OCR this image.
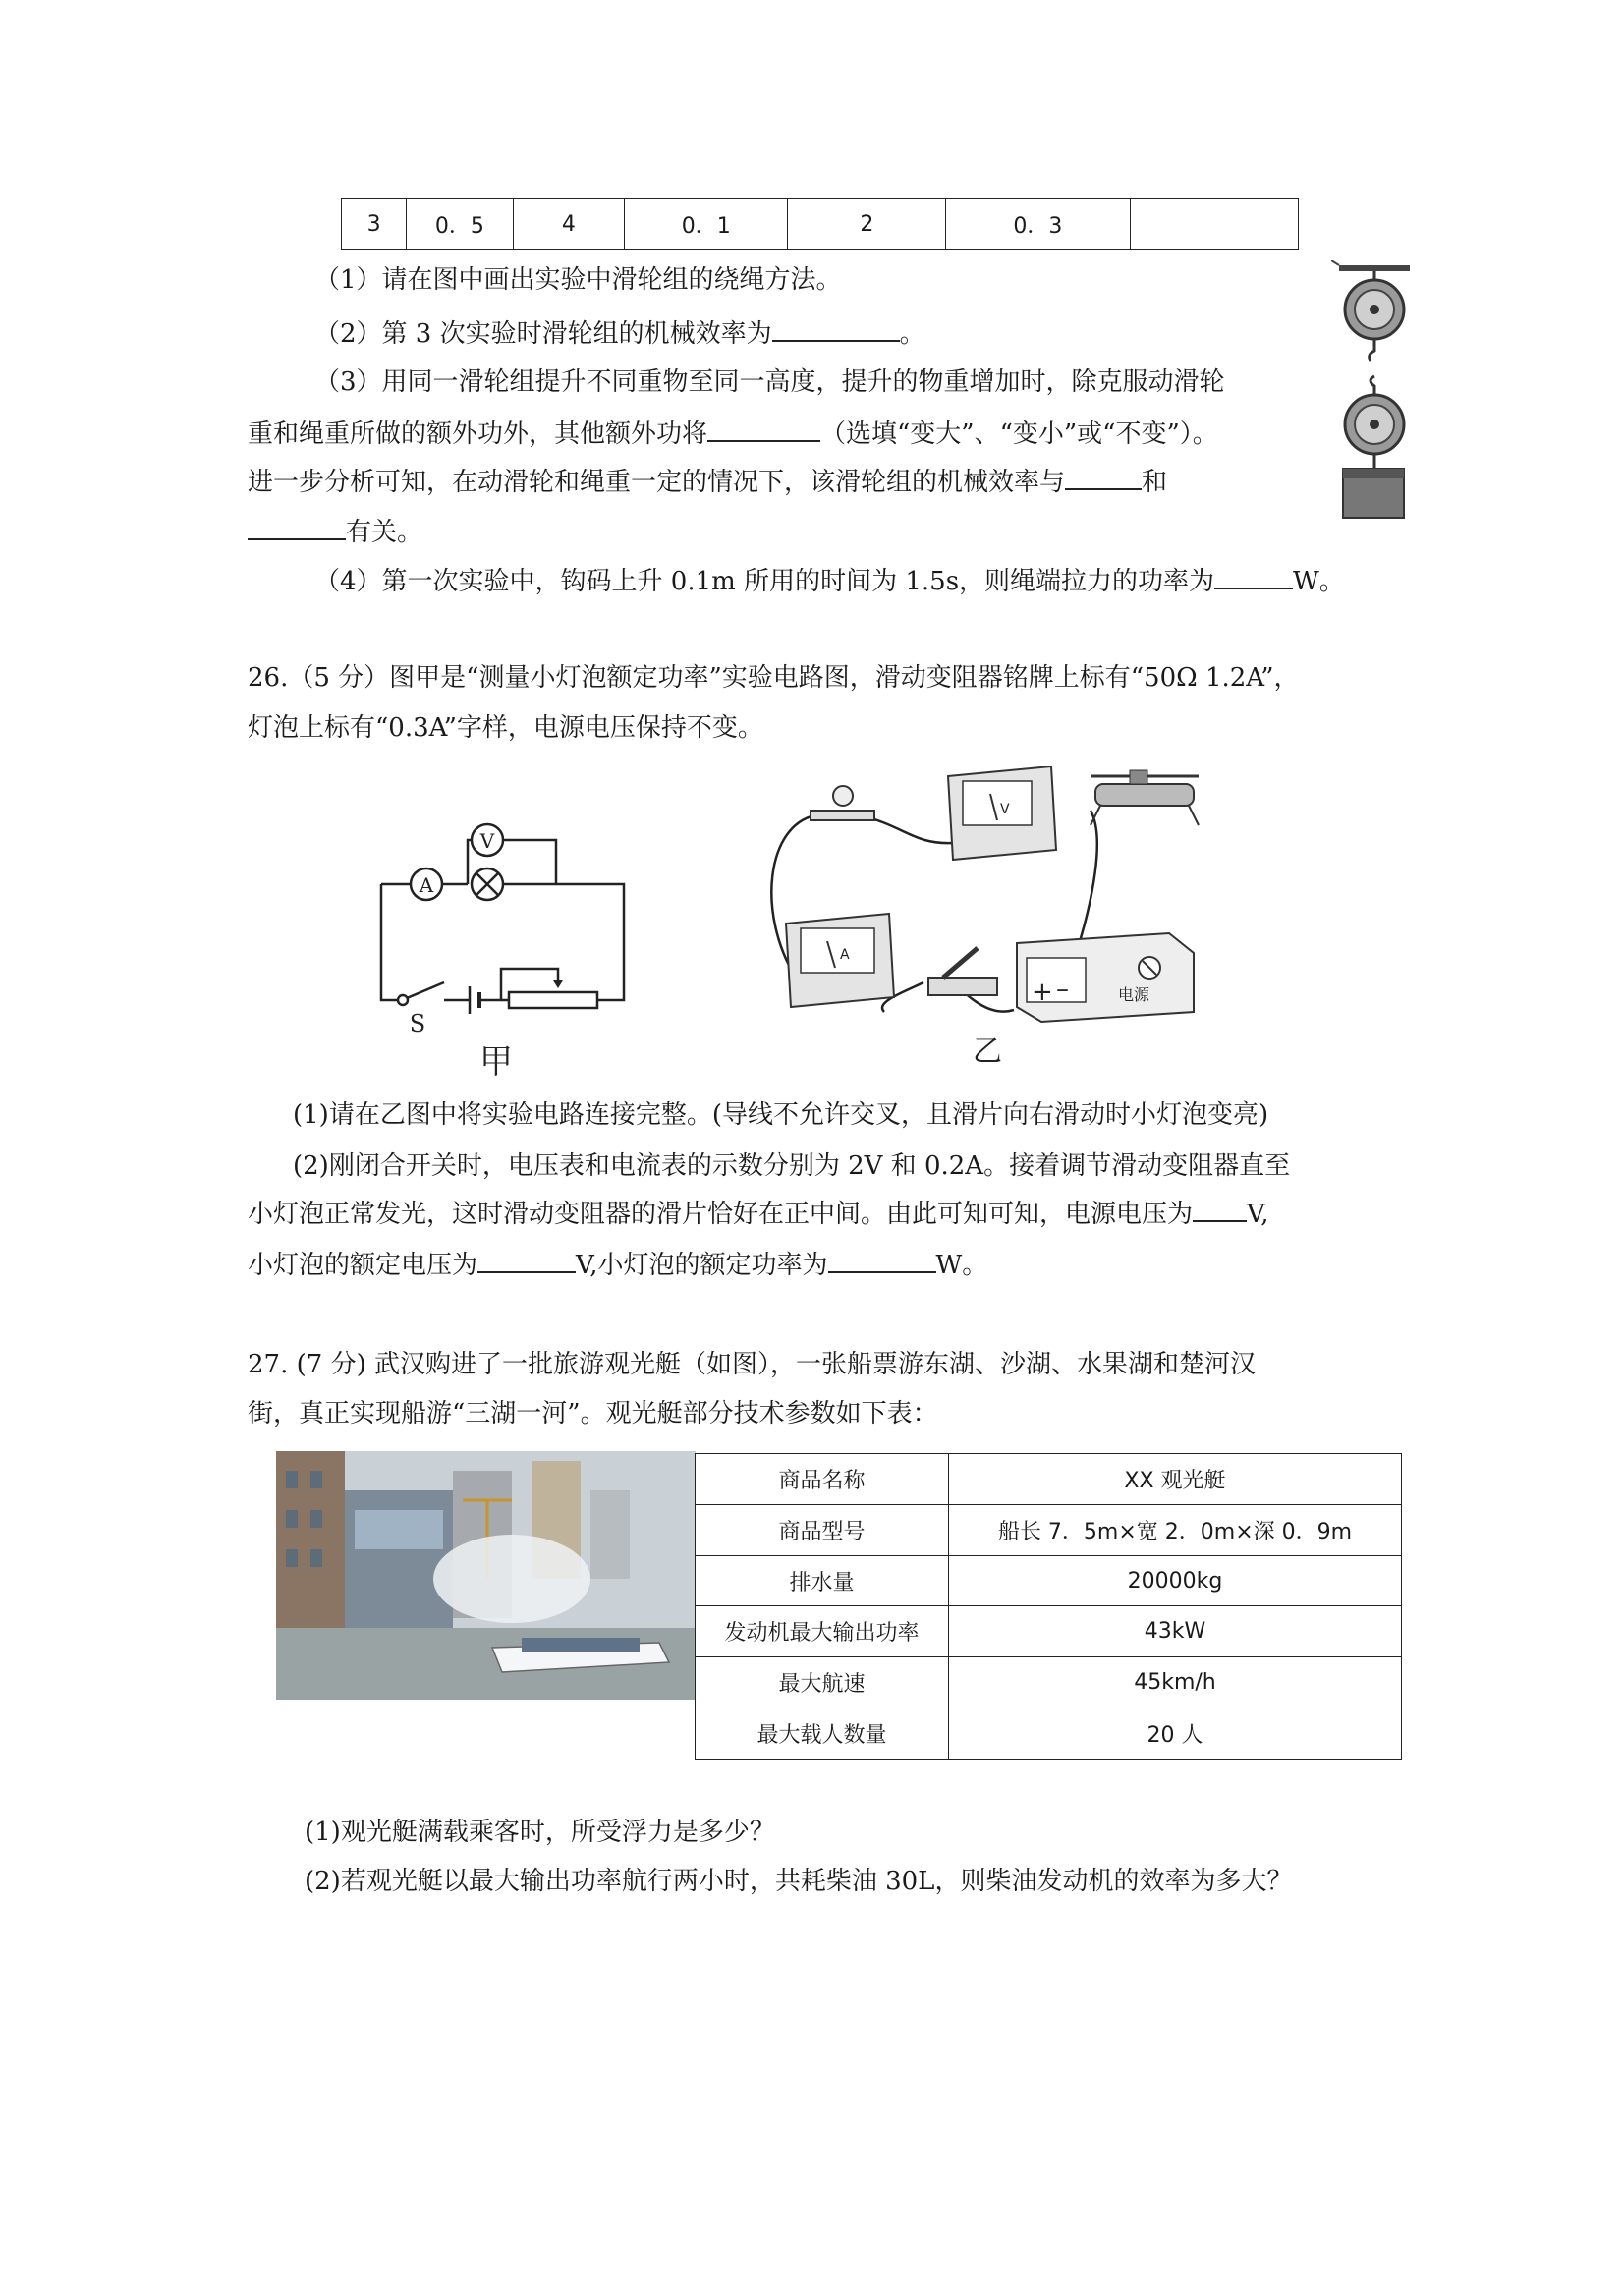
3	0．5	4	0．1	2	0．3	
（1）请在图中画出实验中滑轮组的绕绳方法。
（2）第 3 次实验时滑轮组的机械效率为	。
（3）用同一滑轮组提升不同重物至同一高度，提升的物重增加时，除克服动滑轮
重和绳重所做的额外功外，其他额外功将	（选填“变大”、“变小”或“不变”）。
进一步分析可知，在动滑轮和绳重一定的情况下，该滑轮组的机械效率与	和
有关。
（4）第一次实验中，钩码上升 0.1m 所用的时间为 1.5s，则绳端拉力的功率为	W。
26.（5 分）图甲是“测量小灯泡额定功率”实验电路图，滑动变阻器铭牌上标有“50Ω 1.2A”，
灯泡上标有“0.3A”字样，电源电压保持不变。
A
V
S
甲
V
A
+ –	电源
乙
(1)请在乙图中将实验电路连接完整。(导线不允许交叉，且滑片向右滑动时小灯泡变亮)
(2)刚闭合开关时，电压表和电流表的示数分别为 2V 和 0.2A。接着调节滑动变阻器直至
小灯泡正常发光，这时滑动变阻器的滑片恰好在正中间。由此可知可知，电源电压为 V,
小灯泡的额定电压为	V,小灯泡的额定功率为	W。
27. (7 分) 武汉购进了一批旅游观光艇（如图），一张船票游东湖、沙湖、水果湖和楚河汉
街，真正实现船游“三湖一河”。观光艇部分技术参数如下表：
商品名称	XX 观光艇
商品型号	船长 7．5m×宽 2．0m×深 0．9m
排水量	20000kg
发动机最大输出功率	43kW
最大航速	45km/h
最大载人数量	20 人
(1)观光艇满载乘客时，所受浮力是多少？
(2)若观光艇以最大输出功率航行两小时，共耗柴油 30L，则柴油发动机的效率为多大？
